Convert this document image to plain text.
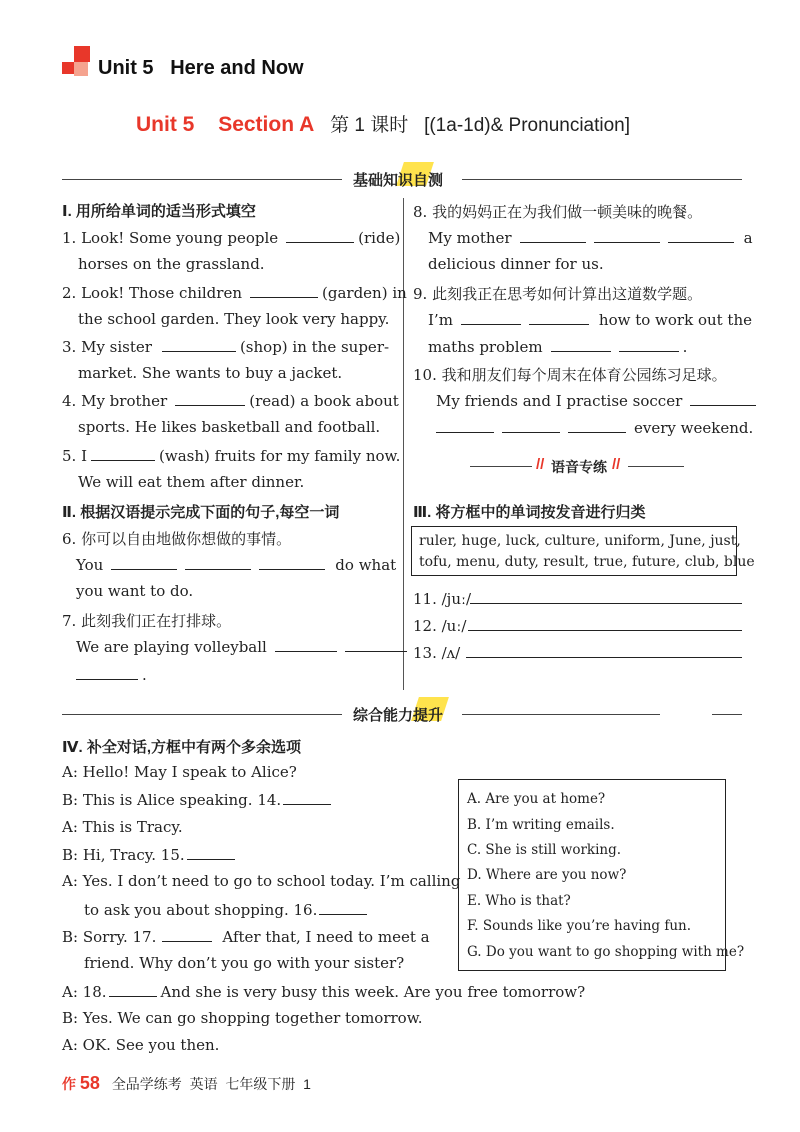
Unit 5   Here and Now
Unit 5 Section A 第 1 课时 [(1a-1d)& Pronunciation]
基础知识自测
Ⅰ. 用所给单词的适当形式填空
1. Look! Some young people	(ride)
horses on the grassland.
2. Look! Those children	(garden) in
the school garden. They look very happy.
3. My sister	(shop) in the super-
market. She wants to buy a jacket.
4. My brother	(read) a book about
sports. He likes basketball and football.
5. I	(wash) fruits for my family now.
We will eat them after dinner.
Ⅱ. 根据汉语提示完成下面的句子,每空一词
6. 你可以自由地做你想做的事情。
You	do what
you want to do.
7. 此刻我们正在打排球。
We are playing volleyball
.
8. 我的妈妈正在为我们做一顿美味的晚餐。
My mother	a
delicious dinner for us.
9. 此刻我正在思考如何计算出这道数学题。
I’m	how to work out the
maths problem	.
10. 我和朋友们每个周末在体育公园练习足球。
My friends and I practise soccer
every weekend.
//	//
语音专练
Ⅲ. 将方框中的单词按发音进行归类
ruler, huge, luck, culture, uniform, June, just,
tofu, menu, duty, result, true, future, club, blue
11. /juː/
12. /uː/
13. /ʌ/
综合能力提升
Ⅳ. 补全对话,方框中有两个多余选项
A: Hello! May I speak to Alice?
B: This is Alice speaking. 14.
A: This is Tracy.
B: Hi, Tracy. 15.
A: Yes. I don’t need to go to school today. I’m calling
to ask you about shopping. 16.
B: Sorry. 17.	After that, I need to meet a
friend. Why don’t you go with your sister?
A: 18.	And she is very busy this week. Are you free tomorrow?
B: Yes. We can go shopping together tomorrow.
A: OK. See you then.
A. Are you at home?
B. I’m writing emails.
C. She is still working.
D. Where are you now?
E. Who is that?
F. Sounds like you’re having fun.
G. Do you want to go shopping with me?
作 58 全品学练考  英语  七年级下册  1
